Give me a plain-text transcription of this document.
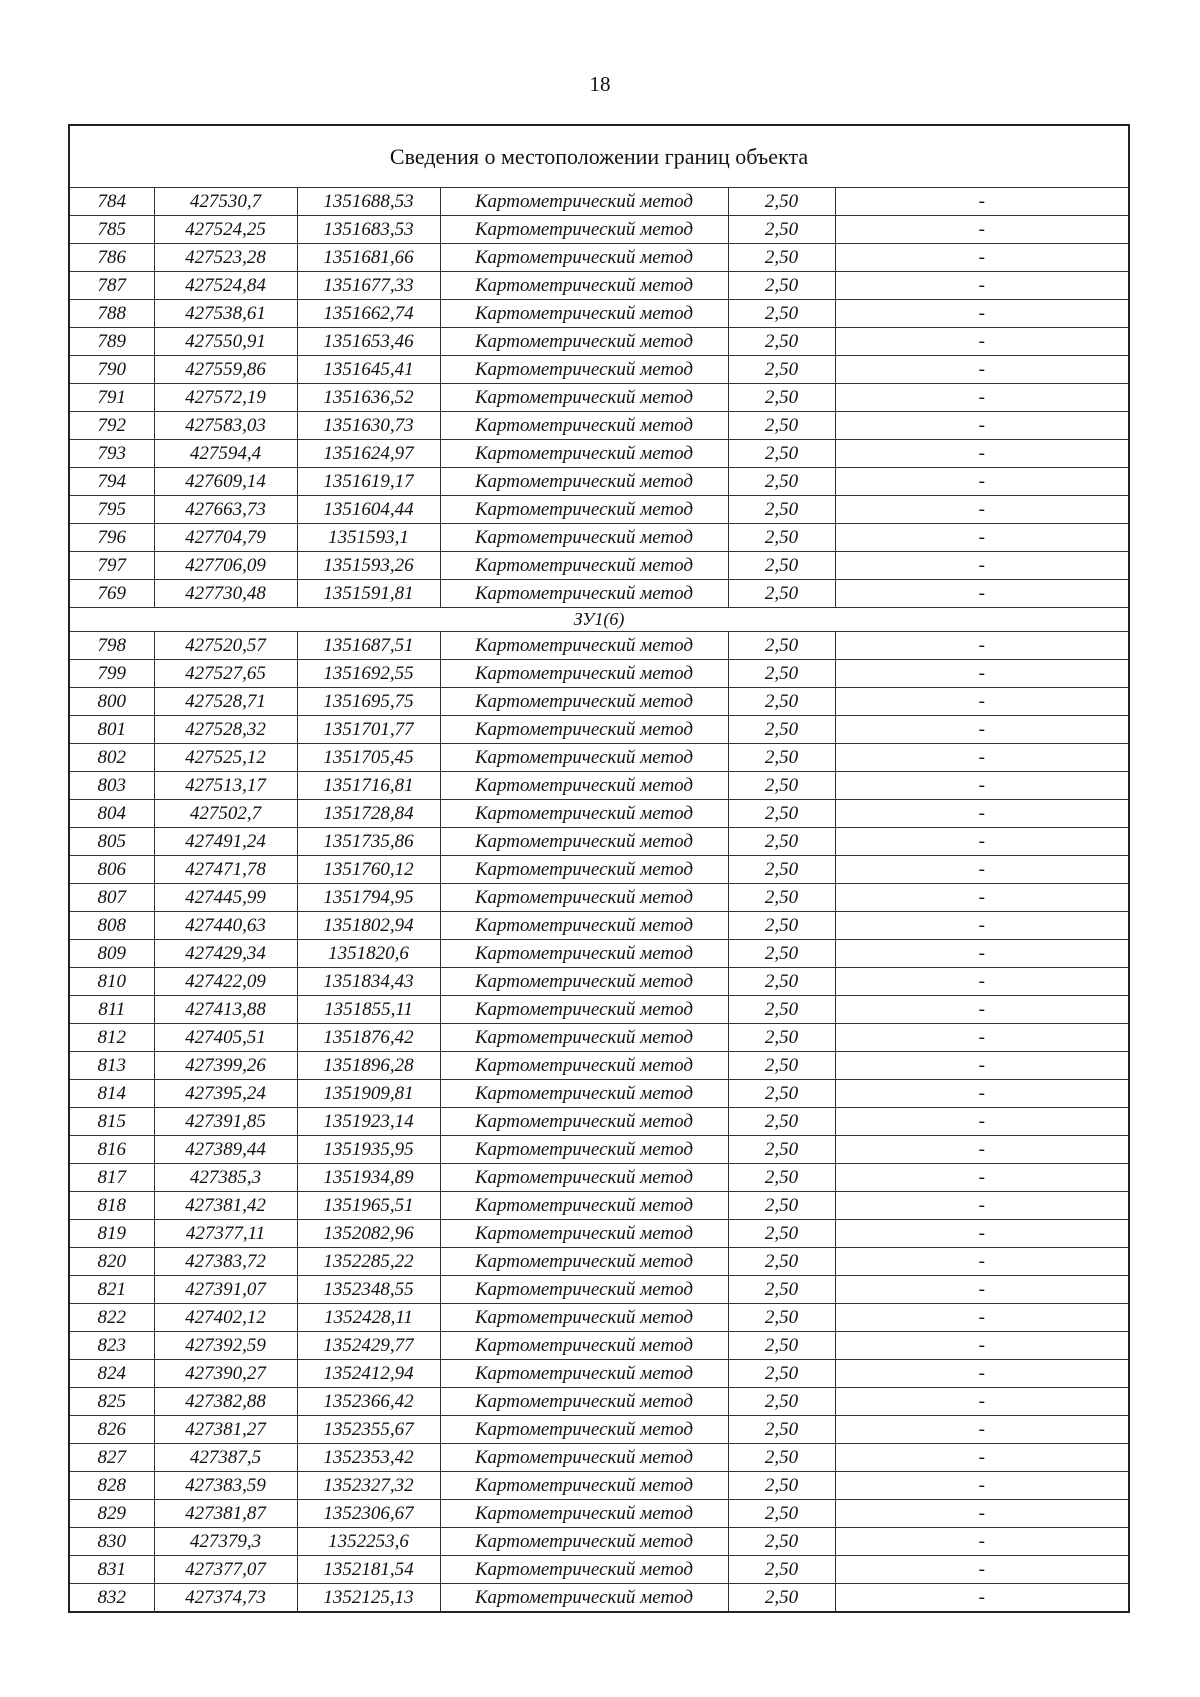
18
Сведения о местоположении границ объекта					
784	427530,7	1351688,53	Картометрический метод	2,50	-
785	427524,25	1351683,53	Картометрический метод	2,50	-
786	427523,28	1351681,66	Картометрический метод	2,50	-
787	427524,84	1351677,33	Картометрический метод	2,50	-
788	427538,61	1351662,74	Картометрический метод	2,50	-
789	427550,91	1351653,46	Картометрический метод	2,50	-
790	427559,86	1351645,41	Картометрический метод	2,50	-
791	427572,19	1351636,52	Картометрический метод	2,50	-
792	427583,03	1351630,73	Картометрический метод	2,50	-
793	427594,4	1351624,97	Картометрический метод	2,50	-
794	427609,14	1351619,17	Картометрический метод	2,50	-
795	427663,73	1351604,44	Картометрический метод	2,50	-
796	427704,79	1351593,1	Картометрический метод	2,50	-
797	427706,09	1351593,26	Картометрический метод	2,50	-
769	427730,48	1351591,81	Картометрический метод	2,50	-
ЗУ1(6)					
798	427520,57	1351687,51	Картометрический метод	2,50	-
799	427527,65	1351692,55	Картометрический метод	2,50	-
800	427528,71	1351695,75	Картометрический метод	2,50	-
801	427528,32	1351701,77	Картометрический метод	2,50	-
802	427525,12	1351705,45	Картометрический метод	2,50	-
803	427513,17	1351716,81	Картометрический метод	2,50	-
804	427502,7	1351728,84	Картометрический метод	2,50	-
805	427491,24	1351735,86	Картометрический метод	2,50	-
806	427471,78	1351760,12	Картометрический метод	2,50	-
807	427445,99	1351794,95	Картометрический метод	2,50	-
808	427440,63	1351802,94	Картометрический метод	2,50	-
809	427429,34	1351820,6	Картометрический метод	2,50	-
810	427422,09	1351834,43	Картометрический метод	2,50	-
811	427413,88	1351855,11	Картометрический метод	2,50	-
812	427405,51	1351876,42	Картометрический метод	2,50	-
813	427399,26	1351896,28	Картометрический метод	2,50	-
814	427395,24	1351909,81	Картометрический метод	2,50	-
815	427391,85	1351923,14	Картометрический метод	2,50	-
816	427389,44	1351935,95	Картометрический метод	2,50	-
817	427385,3	1351934,89	Картометрический метод	2,50	-
818	427381,42	1351965,51	Картометрический метод	2,50	-
819	427377,11	1352082,96	Картометрический метод	2,50	-
820	427383,72	1352285,22	Картометрический метод	2,50	-
821	427391,07	1352348,55	Картометрический метод	2,50	-
822	427402,12	1352428,11	Картометрический метод	2,50	-
823	427392,59	1352429,77	Картометрический метод	2,50	-
824	427390,27	1352412,94	Картометрический метод	2,50	-
825	427382,88	1352366,42	Картометрический метод	2,50	-
826	427381,27	1352355,67	Картометрический метод	2,50	-
827	427387,5	1352353,42	Картометрический метод	2,50	-
828	427383,59	1352327,32	Картометрический метод	2,50	-
829	427381,87	1352306,67	Картометрический метод	2,50	-
830	427379,3	1352253,6	Картометрический метод	2,50	-
831	427377,07	1352181,54	Картометрический метод	2,50	-
832	427374,73	1352125,13	Картометрический метод	2,50	-
